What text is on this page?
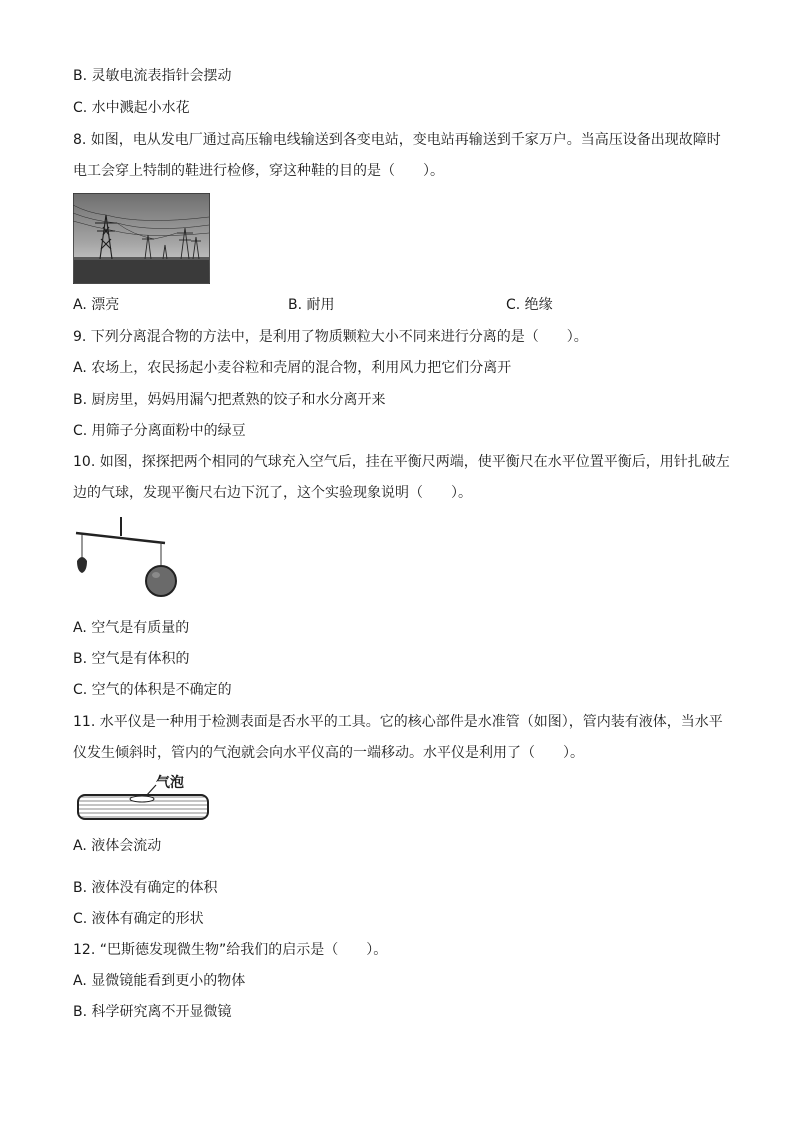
B. 灵敏电流表指针会摆动
C. 水中溅起小水花
8. 如图，电从发电厂通过高压输电线输送到各变电站，变电站再输送到千家万户。当高压设备出现故障时
电工会穿上特制的鞋进行检修，穿这种鞋的目的是（　　）。
A. 漂亮	B. 耐用	C. 绝缘
9. 下列分离混合物的方法中，是利用了物质颗粒大小不同来进行分离的是（　　）。
A. 农场上，农民扬起小麦谷粒和壳屑的混合物，利用风力把它们分离开
B. 厨房里，妈妈用漏勺把煮熟的饺子和水分离开来
C. 用筛子分离面粉中的绿豆
10. 如图，探探把两个相同的气球充入空气后，挂在平衡尺两端，使平衡尺在水平位置平衡后，用针扎破左
边的气球，发现平衡尺右边下沉了，这个实验现象说明（　　）。
A. 空气是有质量的
B. 空气是有体积的
C. 空气的体积是不确定的
11. 水平仪是一种用于检测表面是否水平的工具。它的核心部件是水准管（如图），管内装有液体，当水平
仪发生倾斜时，管内的气泡就会向水平仪高的一端移动。水平仪是利用了（　　）。
气泡
A. 液体会流动
B. 液体没有确定的体积
C. 液体有确定的形状
12. “巴斯德发现微生物”给我们的启示是（　　）。
A. 显微镜能看到更小的物体
B. 科学研究离不开显微镜
